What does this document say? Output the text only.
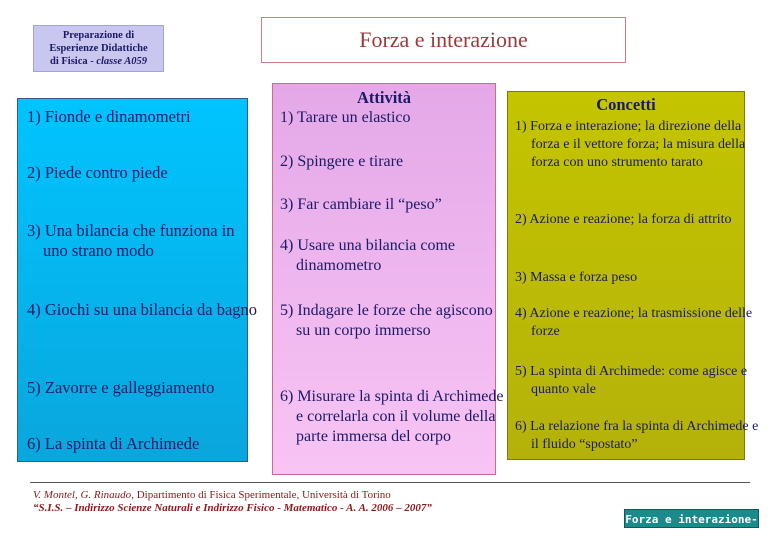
Preparazione di
Esperienze Didattiche
di Fisica - classe A059
Forza e interazione
1) Fionde e dinamometri
2) Piede contro piede
3) Una bilancia che funziona in uno strano modo
4) Giochi su una bilancia da bagno
5) Zavorre e galleggiamento
6) La spinta di Archimede
Attività
1) Tarare un elastico
2) Spingere e tirare
3) Far cambiare il “peso”
4) Usare una bilancia come dinamometro
5) Indagare le forze che agiscono su un corpo immerso
6) Misurare la spinta di Archimede e correlarla con il volume della parte immersa del corpo
Concetti
1) Forza e interazione; la direzione della forza e il vettore forza; la misura della forza con uno strumento tarato
2) Azione e reazione; la forza di attrito
3) Massa e forza peso
4) Azione e reazione; la trasmissione delle forze
5) La spinta di Archimede: come agisce e quanto vale
6) La relazione fra la spinta di Archimede e il fluido “spostato”
V. Montel, G. Rinaudo, Dipartimento di Fisica Sperimentale, Università di Torino
“S.I.S. – Indirizzo Scienze Naturali e Indirizzo Fisico - Matematico - A. A. 2006 – 2007”
Forza e interazione-1
